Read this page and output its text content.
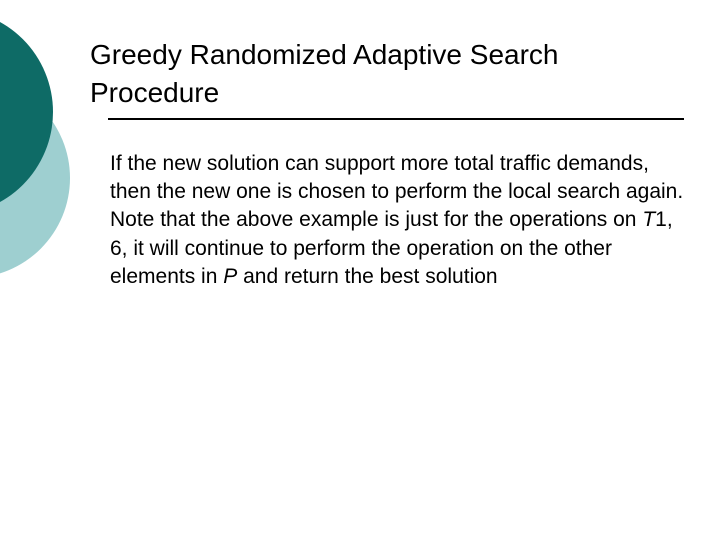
Greedy Randomized Adaptive Search
Procedure

If the new solution can support more total traffic demands, then the new one is chosen to perform the local search again. Note that the above example is just for the operations on T1, 6, it will continue to perform the operation on the other elements in P and return the best solution
